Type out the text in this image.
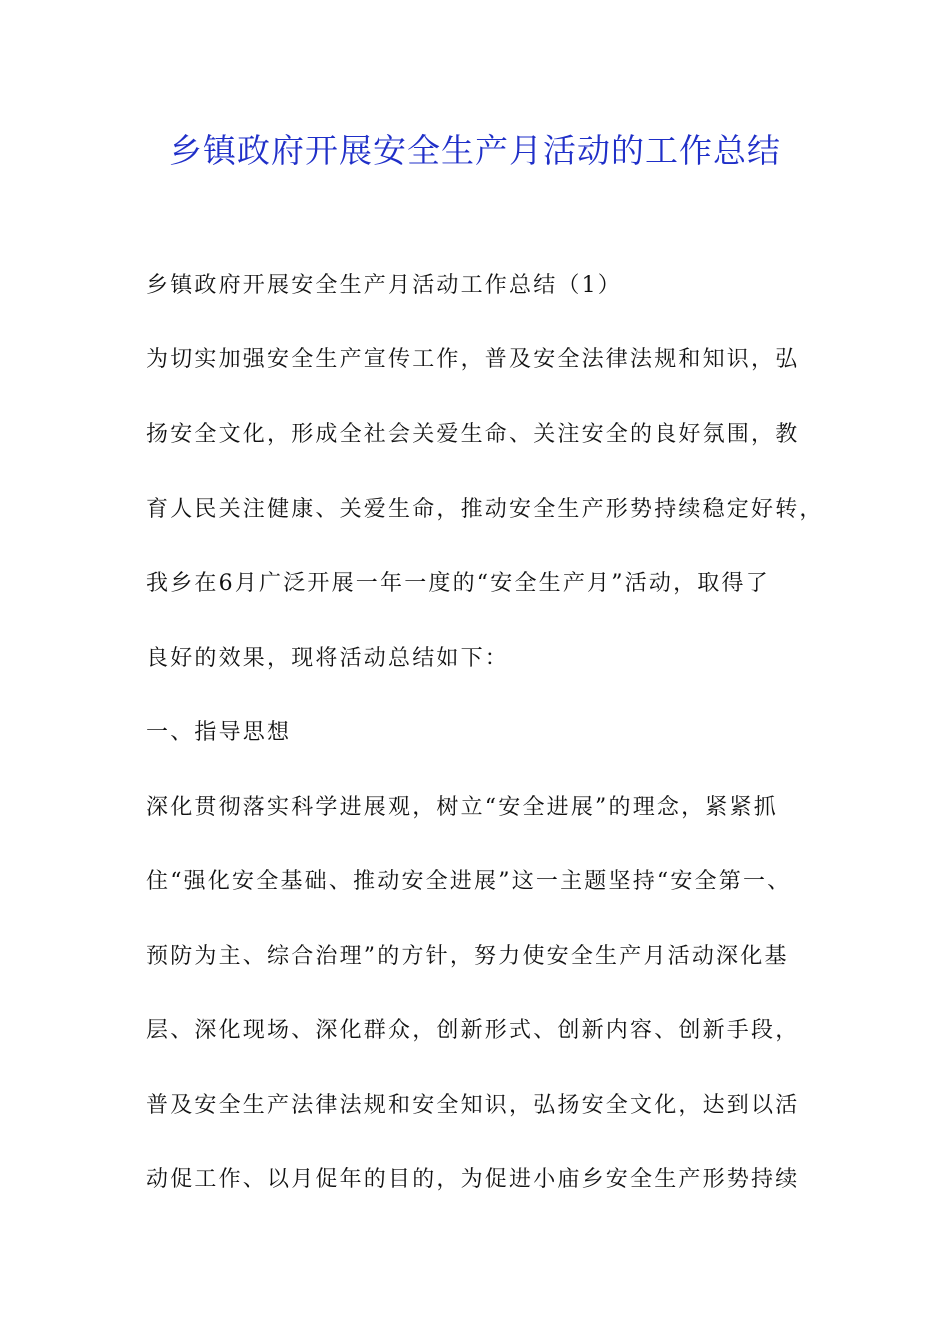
乡镇政府开展安全生产月活动的工作总结
乡镇政府开展安全生产月活动工作总结（1）
为切实加强安全生产宣传工作，普及安全法律法规和知识，弘
扬安全文化，形成全社会关爱生命、关注安全的良好氛围，教
育人民关注健康、关爱生命，推动安全生产形势持续稳定好转，
我乡在6月广泛开展一年一度的“安全生产月”活动，取得了
良好的效果，现将活动总结如下：
一、指导思想
深化贯彻落实科学进展观，树立“安全进展”的理念，紧紧抓
住“强化安全基础、推动安全进展”这一主题坚持“安全第一、
预防为主、综合治理”的方针，努力使安全生产月活动深化基
层、深化现场、深化群众，创新形式、创新内容、创新手段，
普及安全生产法律法规和安全知识，弘扬安全文化，达到以活
动促工作、以月促年的目的，为促进小庙乡安全生产形势持续
